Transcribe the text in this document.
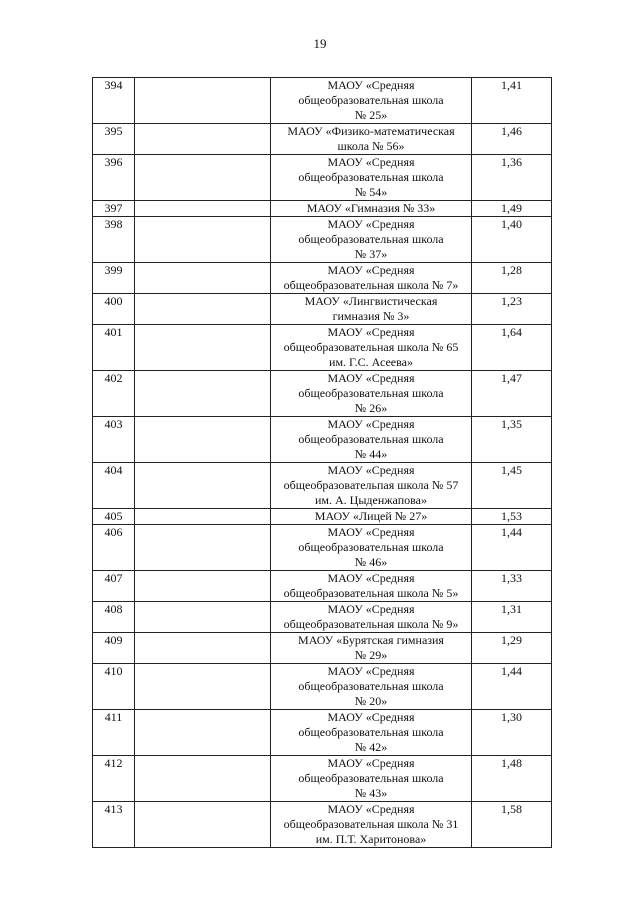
19
394		МАОУ «Средняя
общеобразовательная школа
№ 25»	1,41
395		МАОУ «Физико-математическая
школа № 56»	1,46
396		МАОУ «Средняя
общеобразовательная школа
№ 54»	1,36
397		МАОУ «Гимназия № 33»	1,49
398		МАОУ «Средняя
общеобразовательная школа
№ 37»	1,40
399		МАОУ «Средняя
общеобразовательная школа № 7»	1,28
400		МАОУ «Лингвистическая
гимназия № 3»	1,23
401		МАОУ «Средняя
общеобразовательная школа № 65
им. Г.С. Асеева»	1,64
402		МАОУ «Средняя
общеобразовательная школа
№ 26»	1,47
403		МАОУ «Средняя
общеобразовательная школа
№ 44»	1,35
404		МАОУ «Средняя
общеобразовательпая школа № 57
им. А. Цыденжапова»	1,45
405		МАОУ «Лицей № 27»	1,53
406		МАОУ «Средняя
общеобразовательная школа
№ 46»	1,44
407		МАОУ «Средняя
общеобразовательная школа № 5»	1,33
408		МАОУ «Средняя
общеобразовательная школа № 9»	1,31
409		МАОУ «Бурятская гимназия
№ 29»	1,29
410		МАОУ «Средняя
общеобразовательная школа
№ 20»	1,44
411		МАОУ «Средняя
общеобразовательная школа
№ 42»	1,30
412		МАОУ «Средняя
общеобразовательная школа
№ 43»	1,48
413		МАОУ «Средняя
общеобразовательная школа № 31
им. П.Т. Харитонова»	1,58
